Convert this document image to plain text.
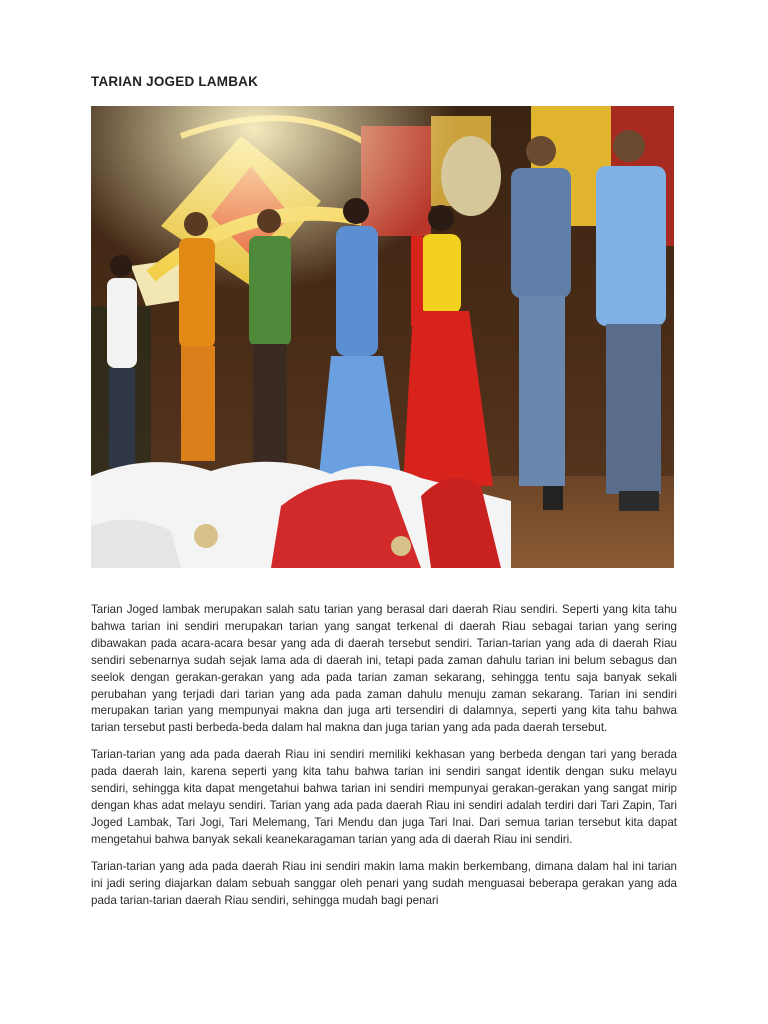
TARIAN JOGED LAMBAK

Tarian Joged lambak merupakan salah satu tarian yang berasal dari daerah Riau sendiri. Seperti yang kita tahu bahwa tarian ini sendiri merupakan tarian yang sangat terkenal di daerah Riau sebagai tarian yang sering dibawakan pada acara-acara besar yang ada di daerah tersebut sendiri. Tarian-tarian yang ada di daerah Riau sendiri sebenarnya sudah sejak lama ada di daerah ini, tetapi pada zaman dahulu tarian ini belum sebagus dan seelok dengan gerakan-gerakan yang ada pada tarian zaman sekarang, sehingga tentu saja banyak sekali perubahan yang terjadi dari tarian yang ada pada zaman dahulu menuju zaman sekarang. Tarian ini sendiri merupakan tarian yang mempunyai makna dan juga arti tersendiri di dalamnya, seperti yang kita tahu bahwa tarian tersebut pasti berbeda-beda dalam hal makna dan juga tarian yang ada pada daerah tersebut.

Tarian-tarian yang ada pada daerah Riau ini sendiri memiliki kekhasan yang berbeda dengan tari yang berada pada daerah lain, karena seperti yang kita tahu bahwa tarian ini sendiri sangat identik dengan suku melayu sendiri, sehingga kita dapat mengetahui bahwa tarian ini sendiri mempunyai gerakan-gerakan yang sangat mirip dengan khas adat melayu sendiri. Tarian yang ada pada daerah Riau ini sendiri adalah terdiri dari Tari Zapin, Tari Joged Lambak, Tari Jogi, Tari Melemang, Tari Mendu dan juga Tari Inai. Dari semua tarian tersebut kita dapat mengetahui bahwa banyak sekali keanekaragaman tarian yang ada di daerah Riau ini sendiri.

Tarian-tarian yang ada pada daerah Riau ini sendiri makin lama makin berkembang, dimana dalam hal ini tarian ini jadi sering diajarkan dalam sebuah sanggar oleh penari yang sudah menguasai beberapa gerakan yang ada pada tarian-tarian daerah Riau sendiri, sehingga mudah bagi penari
